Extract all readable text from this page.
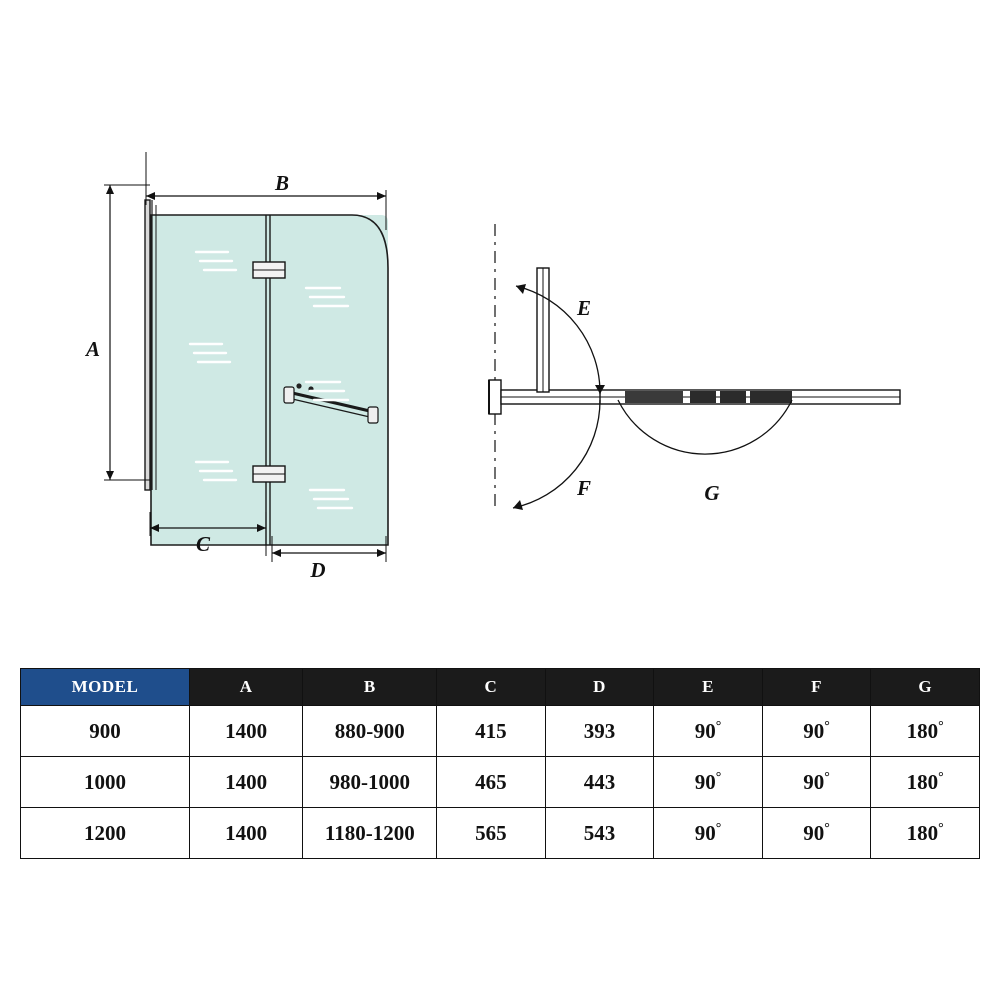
A
B
C
D
E
F	G
MODEL	A	B	C	D	E	F	G
900	1400	880-900	415	393	90°	90°	180°
1000	1400	980-1000	465	443	90°	90°	180°
1200	1400	1180-1200	565	543	90°	90°	180°
